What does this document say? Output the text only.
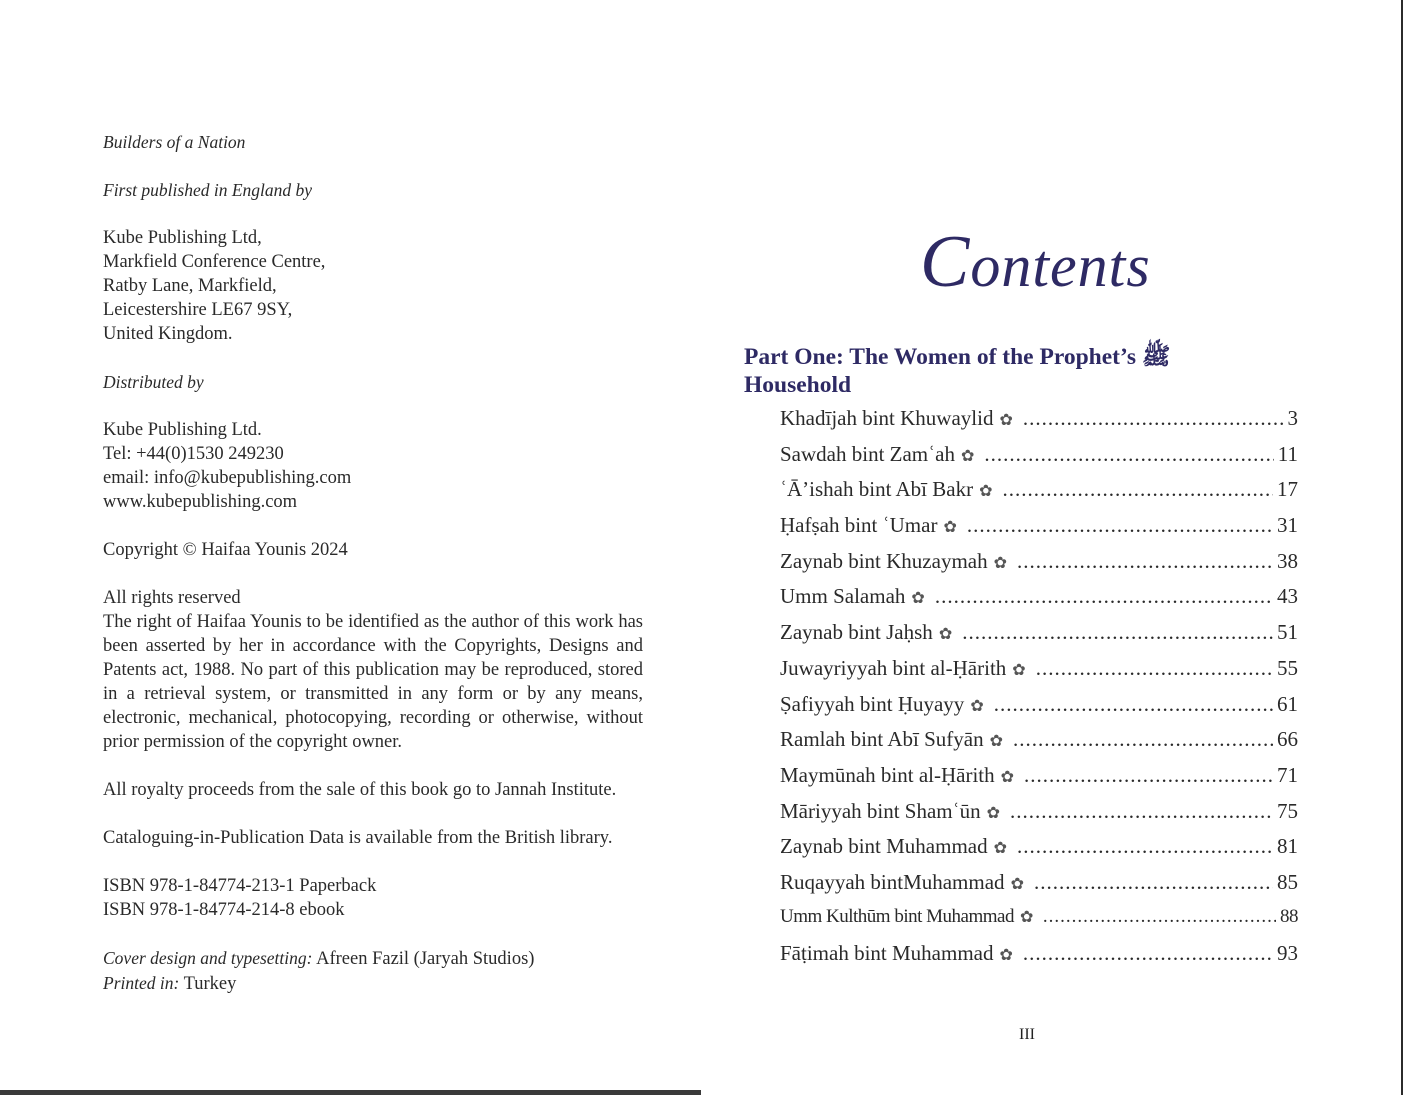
Builders of a Nation

First published in England by

Kube Publishing Ltd,

Markfield Conference Centre,

Ratby Lane, Markfield,

Leicestershire LE67 9SY,

United Kingdom.

Distributed by

Kube Publishing Ltd.

Tel: +44(0)1530 249230

email: info@kubepublishing.com

www.kubepublishing.com

Copyright © Haifaa Younis 2024

All rights reserved

The right of Haifaa Younis to be identified as the author of this work has been asserted by her in accordance with the Copyrights, Designs and Patents act, 1988. No part of this publication may be reproduced, stored in a retrieval system, or transmitted in any form or by any means, electronic, mechanical, photocopying, recording or otherwise, without prior permission of the copyright owner.

All royalty proceeds from the sale of this book go to Jannah Institute.

Cataloguing-in-Publication Data is available from the British library.

ISBN 978-1-84774-213-1 Paperback

ISBN 978-1-84774-214-8 ebook

Cover design and typesetting: Afreen Fazil (Jaryah Studios)

Printed in: Turkey

Contents
Part One: The Women of the Prophet’s ﷺ
Household
Khadījah bint Khuwaylid ✿ .....	3
Sawdah bint Zamʿah ✿ .....	11
ʿĀ’ishah bint Abī Bakr ✿ .....	17
Ḥafṣah bint ʿUmar ✿ .....	31
Zaynab bint Khuzaymah ✿ .....	38
Umm Salamah ✿ .....	43
Zaynab bint Jaḥsh ✿ .....	51
Juwayriyyah bint al-Ḥārith ✿ .....	55
Ṣafiyyah bint Ḥuyayy ✿ .....	61
Ramlah bint Abī Sufyān ✿ .....	66
Maymūnah bint al-Ḥārith ✿ .....	71
Māriyyah bint Shamʿūn ✿ .....	75
Zaynab bint Muhammad ✿ .....	81
Ruqayyah bintMuhammad ✿ .....	85
Umm Kulthūm bint Muhammad ✿ .....	88
Fāṭimah bint Muhammad ✿ .....	93
III
